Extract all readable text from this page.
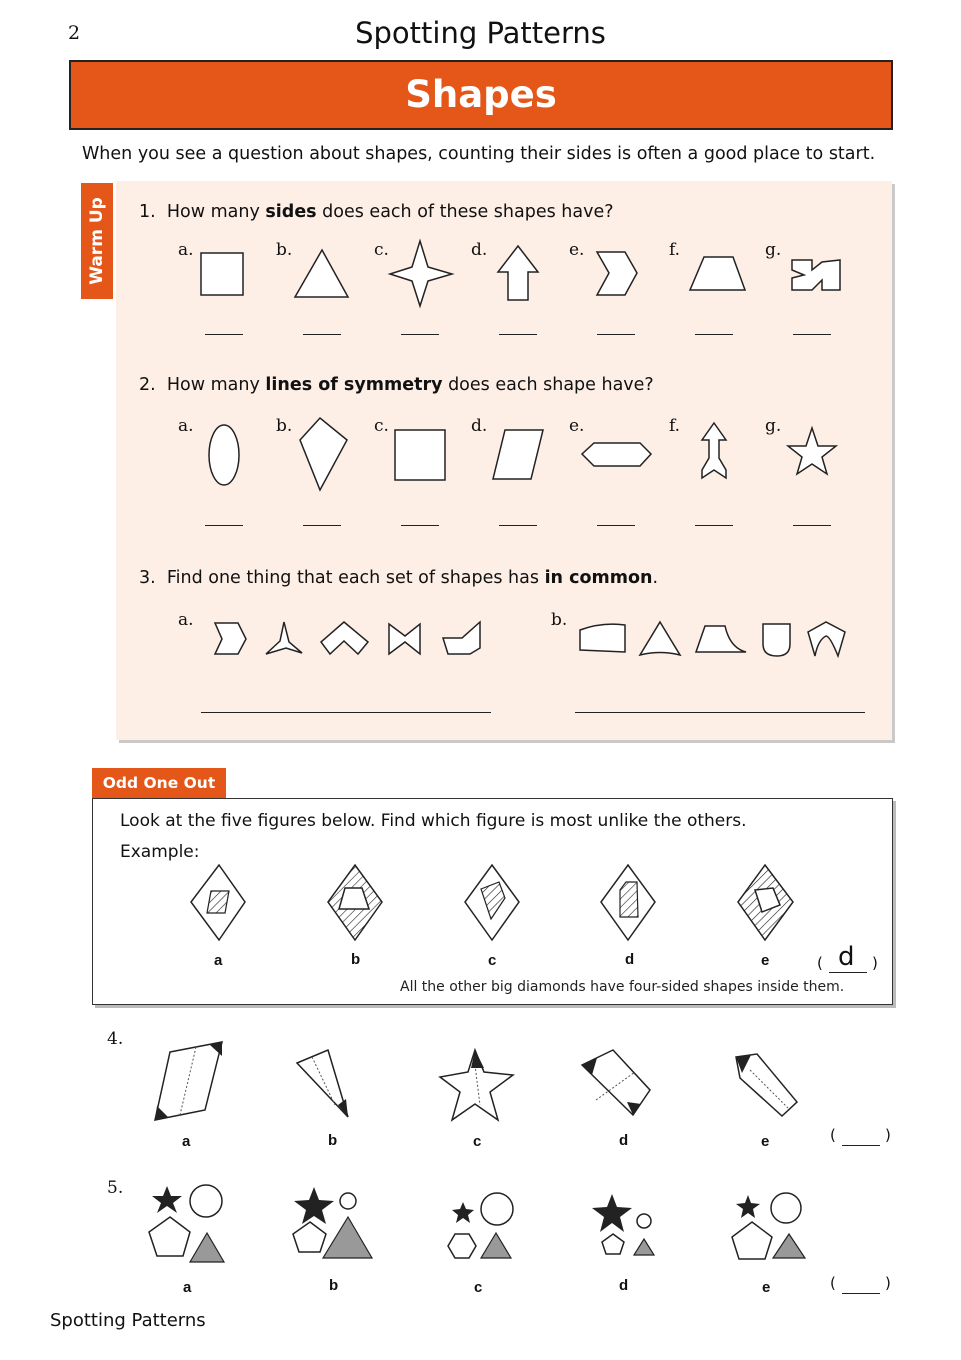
2	Spotting Patterns
Shapes
When you see a question about shapes, counting their sides is often a good place to start.
Warm Up 1. How many sides does each of these shapes have?
a.	b.	c.	d.	e.	f.	g.
2. How many lines of symmetry does each shape have?
a.	b.	c.	d.	e.	f.	g.
3. Find one thing that each set of shapes has in common.
a.	b.
Odd One Out
Look at the five figures below. Find which figure is most unlike the others.
Example:
a	b	c	d	e	( d )
All the other big diamonds have four-sided shapes inside them.
4.
a	b	c	d	e	(	)
5.
a	b	c	d	e	(	)
Spotting Patterns
